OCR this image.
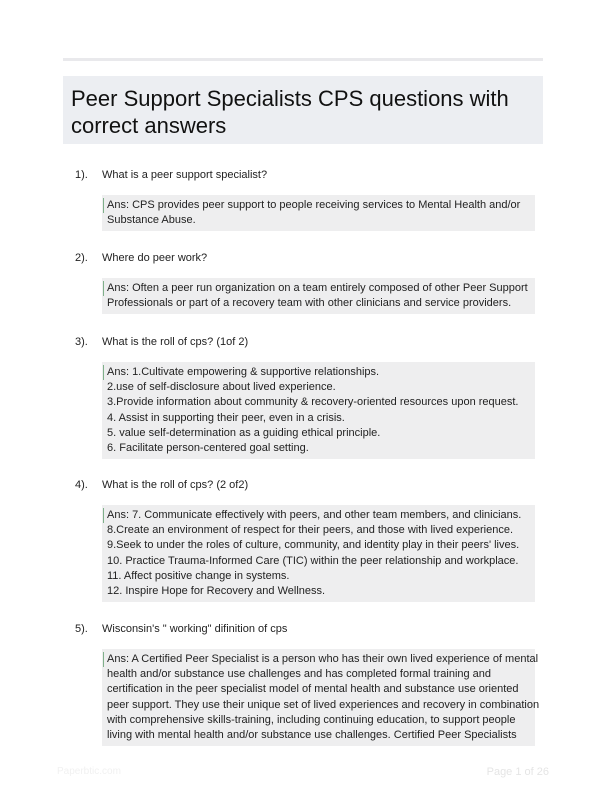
Peer Support Specialists CPS questions with correct answers
1).	What is a peer support specialist?
Ans: CPS provides peer support to people receiving services to Mental Health and/or
Substance Abuse.
2).	Where do peer work?
Ans: Often a peer run organization on a team entirely composed of other Peer Support
Professionals or part of a recovery team with other clinicians and service providers.
3).	What is the roll of cps? (1of 2)
Ans: 1.Cultivate empowering & supportive relationships.
2.use of self-disclosure about lived experience.
3.Provide information about community & recovery-oriented resources upon request.
4. Assist in supporting their peer, even in a crisis.
5. value self-determination as a guiding ethical principle.
6. Facilitate person-centered goal setting.
4).	What is the roll of cps? (2 of2)
Ans: 7. Communicate effectively with peers, and other team members, and clinicians.
8.Create an environment of respect for their peers, and those with lived experience.
9.Seek to under the roles of culture, community, and identity play in their peers' lives.
10. Practice Trauma-Informed Care (TIC) within the peer relationship and workplace.
11. Affect positive change in systems.
12. Inspire Hope for Recovery and Wellness.
5).	Wisconsin's " working" difinition of cps
Ans: A Certified Peer Specialist is a person who has their own lived experience of mental
health and/or substance use challenges and has completed formal training and
certification in the peer specialist model of mental health and substance use oriented
peer support. They use their unique set of lived experiences and recovery in combination
with comprehensive skills-training, including continuing education, to support people
living with mental health and/or substance use challenges. Certified Peer Specialists
Paperbtic.com	Page 1 of 26
